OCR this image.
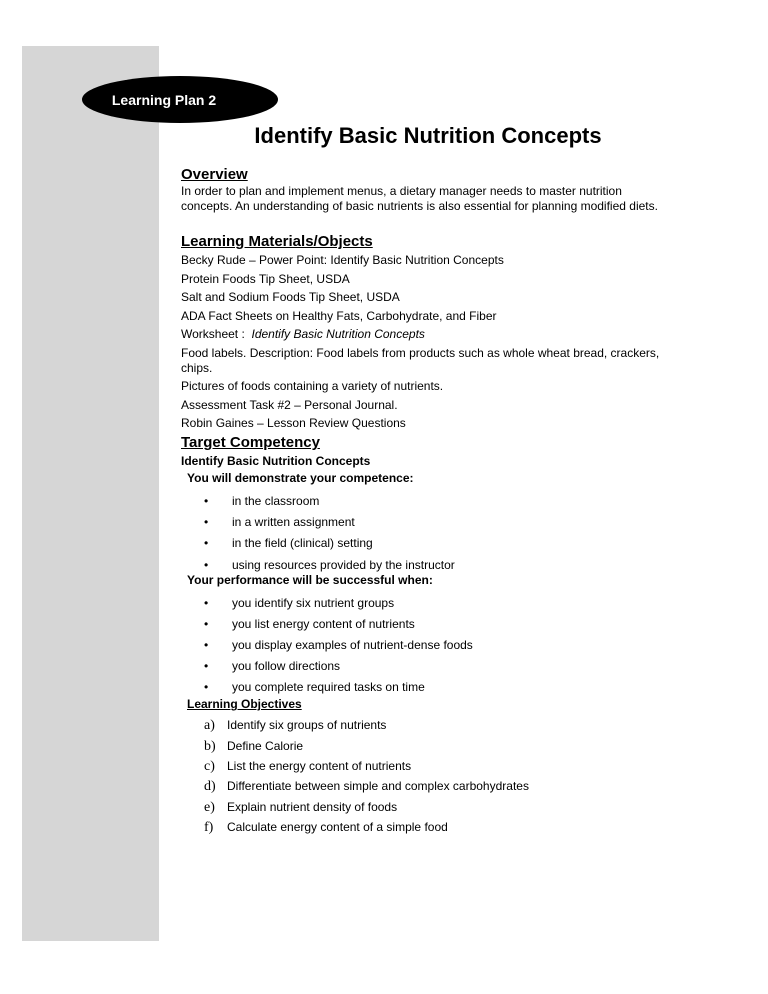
Learning Plan 2
Identify Basic Nutrition Concepts
Overview

In order to plan and implement menus, a dietary manager needs to master nutrition concepts. An understanding of basic nutrients is also essential for planning modified diets.

Learning Materials/Objects
Becky Rude – Power Point: Identify Basic Nutrition Concepts
Protein Foods Tip Sheet, USDA
Salt and Sodium Foods Tip Sheet, USDA
ADA Fact Sheets on Healthy Fats, Carbohydrate, and Fiber
Worksheet :  Identify Basic Nutrition Concepts
Food labels. Description: Food labels from products such as whole wheat bread, crackers, chips.
Pictures of foods containing a variety of nutrients.
Assessment Task #2 – Personal Journal.
Robin Gaines – Lesson Review Questions
Target Competency
Identify Basic Nutrition Concepts
You will demonstrate your competence:
• in the classroom
• in a written assignment
• in the field (clinical) setting
• using resources provided by the instructor
Your performance will be successful when:
• you identify six nutrient groups
• you list energy content of nutrients
• you display examples of nutrient-dense foods
• you follow directions
• you complete required tasks on time
Learning Objectives
a) Identify six groups of nutrients
b) Define Calorie
c) List the energy content of nutrients
d) Differentiate between simple and complex carbohydrates
e) Explain nutrient density of foods
f) Calculate energy content of a simple food
